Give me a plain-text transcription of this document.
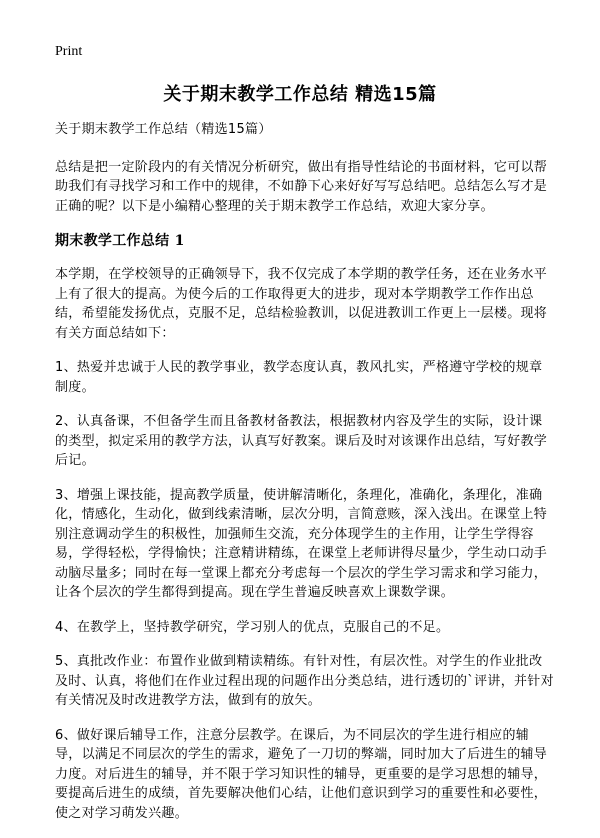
Print
关于期末教学工作总结 精选15篇

关于期末教学工作总结（精选15篇）

总结是把一定阶段内的有关情况分析研究，做出有指导性结论的书面材料，它可以帮助我们有寻找学习和工作中的规律，不如静下心来好好写写总结吧。总结怎么写才是正确的呢？以下是小编精心整理的关于期末教学工作总结，欢迎大家分享。

期末教学工作总结 1

本学期，在学校领导的正确领导下，我不仅完成了本学期的教学任务，还在业务水平上有了很大的提高。为使今后的工作取得更大的进步，现对本学期教学工作作出总结，希望能发扬优点，克服不足，总结检验教训，以促进教训工作更上一层楼。现将有关方面总结如下：

1、热爱并忠诚于人民的教学事业，教学态度认真，教风扎实，严格遵守学校的规章制度。

2、认真备课，不但备学生而且备教材备教法，根据教材内容及学生的实际，设计课的类型，拟定采用的教学方法，认真写好教案。课后及时对该课作出总结，写好教学后记。

3、增强上课技能，提高教学质量，使讲解清晰化，条理化，准确化，条理化，准确化，情感化，生动化，做到线索清晰，层次分明，言简意赅，深入浅出。在课堂上特别注意调动学生的积极性，加强师生交流，充分体现学生的主作用，让学生学得容易，学得轻松，学得愉快；注意精讲精练，在课堂上老师讲得尽量少，学生动口动手动脑尽量多；同时在每一堂课上都充分考虑每一个层次的学生学习需求和学习能力，让各个层次的学生都得到提高。现在学生普遍反映喜欢上课数学课。

4、在教学上，坚持教学研究，学习别人的优点，克服自己的不足。

5、真批改作业：布置作业做到精读精练。有针对性，有层次性。对学生的作业批改及时、认真，将他们在作业过程出现的问题作出分类总结，进行透切的`评讲，并针对有关情况及时改进教学方法，做到有的放矢。

6、做好课后辅导工作，注意分层教学。在课后，为不同层次的学生进行相应的辅导，以满足不同层次的学生的需求，避免了一刀切的弊端，同时加大了后进生的辅导力度。对后进生的辅导，并不限于学习知识性的辅导，更重要的是学习思想的辅导，要提高后进生的成绩，首先要解决他们心结，让他们意识到学习的重要性和必要性，使之对学习萌发兴趣。
